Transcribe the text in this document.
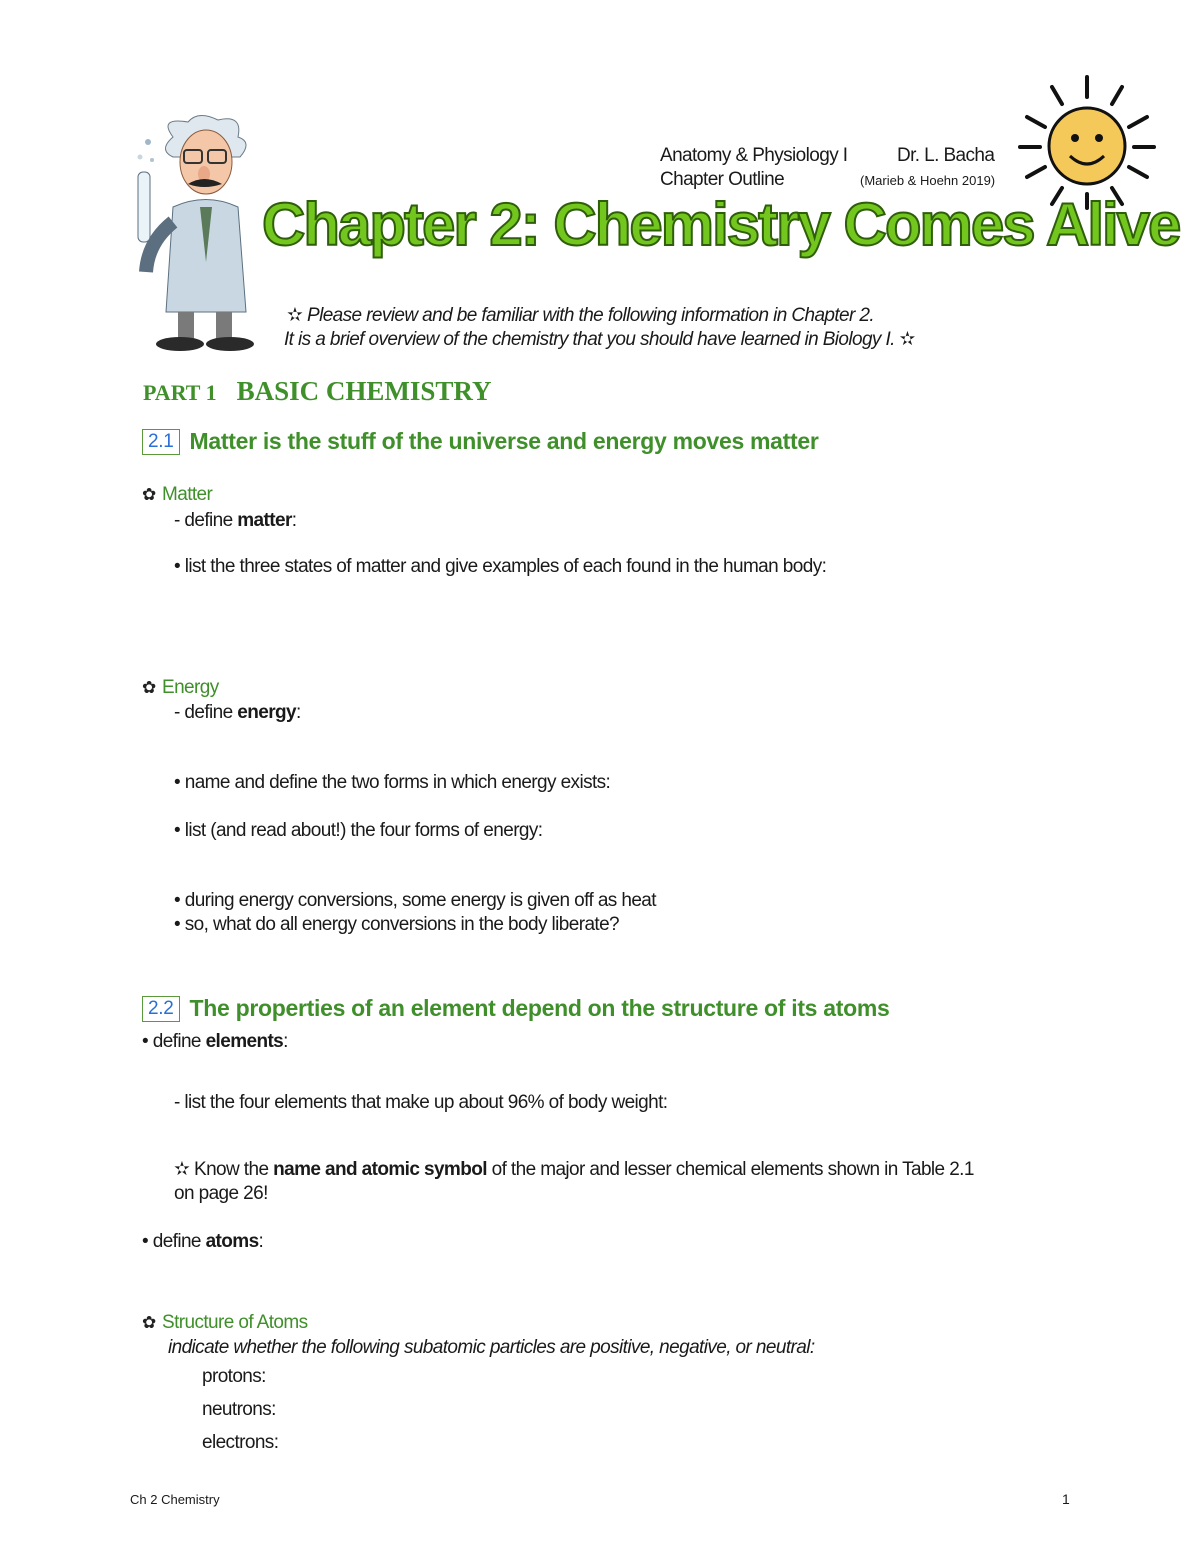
Anatomy & Physiology I	Dr. L. Bacha
Chapter Outline	(Marieb & Hoehn 2019)
Chapter 2: Chemistry Comes Alive
✫ Please review and be familiar with the following information in Chapter 2.
It is a brief overview of the chemistry that you should have learned in Biology I. ✫
PART 1 BASIC CHEMISTRY
2.1 Matter is the stuff of the universe and energy moves matter
✿ Matter
- define matter:
• list the three states of matter and give examples of each found in the human body:
✿ Energy
- define energy:
• name and define the two forms in which energy exists:
• list (and read about!) the four forms of energy:
• during energy conversions, some energy is given off as heat
• so, what do all energy conversions in the body liberate?
2.2 The properties of an element depend on the structure of its atoms
• define elements:
- list the four elements that make up about 96% of body weight:
✫ Know the name and atomic symbol of the major and lesser chemical elements shown in Table 2.1
on page 26!
• define atoms:
✿ Structure of Atoms
indicate whether the following subatomic particles are positive, negative, or neutral:
protons:
neutrons:
electrons:
Ch 2 Chemistry	1
